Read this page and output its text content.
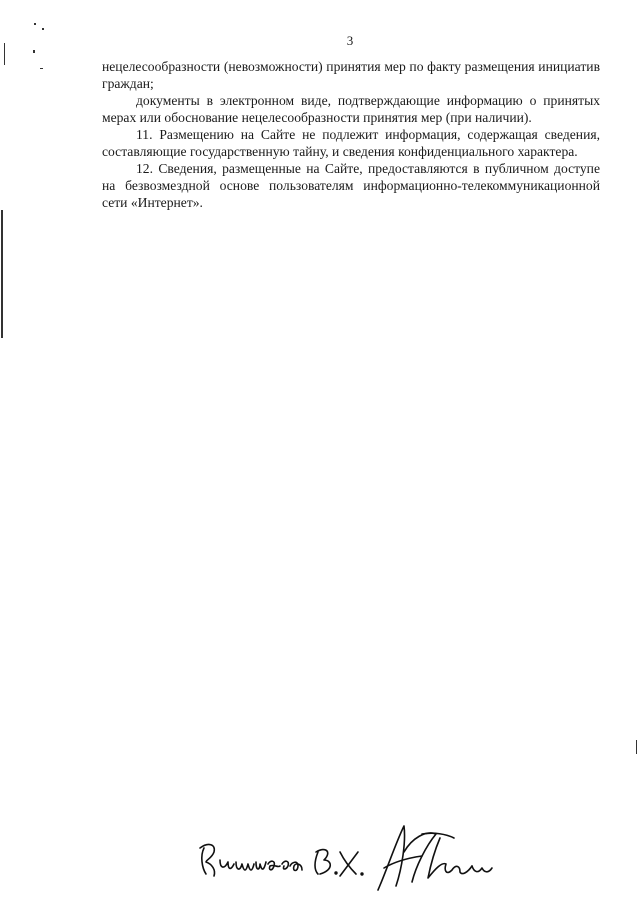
3

нецелесообразности (невозможности) принятия мер по факту размещения инициатив граждан;

документы в электронном виде, подтверждающие информацию о принятых мерах или обоснование нецелесообразности принятия мер (при наличии).

11. Размещению на Сайте не подлежит информация, содержащая сведения, составляющие государственную тайну, и сведения конфиденциального характера.

12. Сведения, размещенные на Сайте, предоставляются в публичном доступе на безвозмездной основе пользователям информационно-телекоммуникационной сети «Интернет».
